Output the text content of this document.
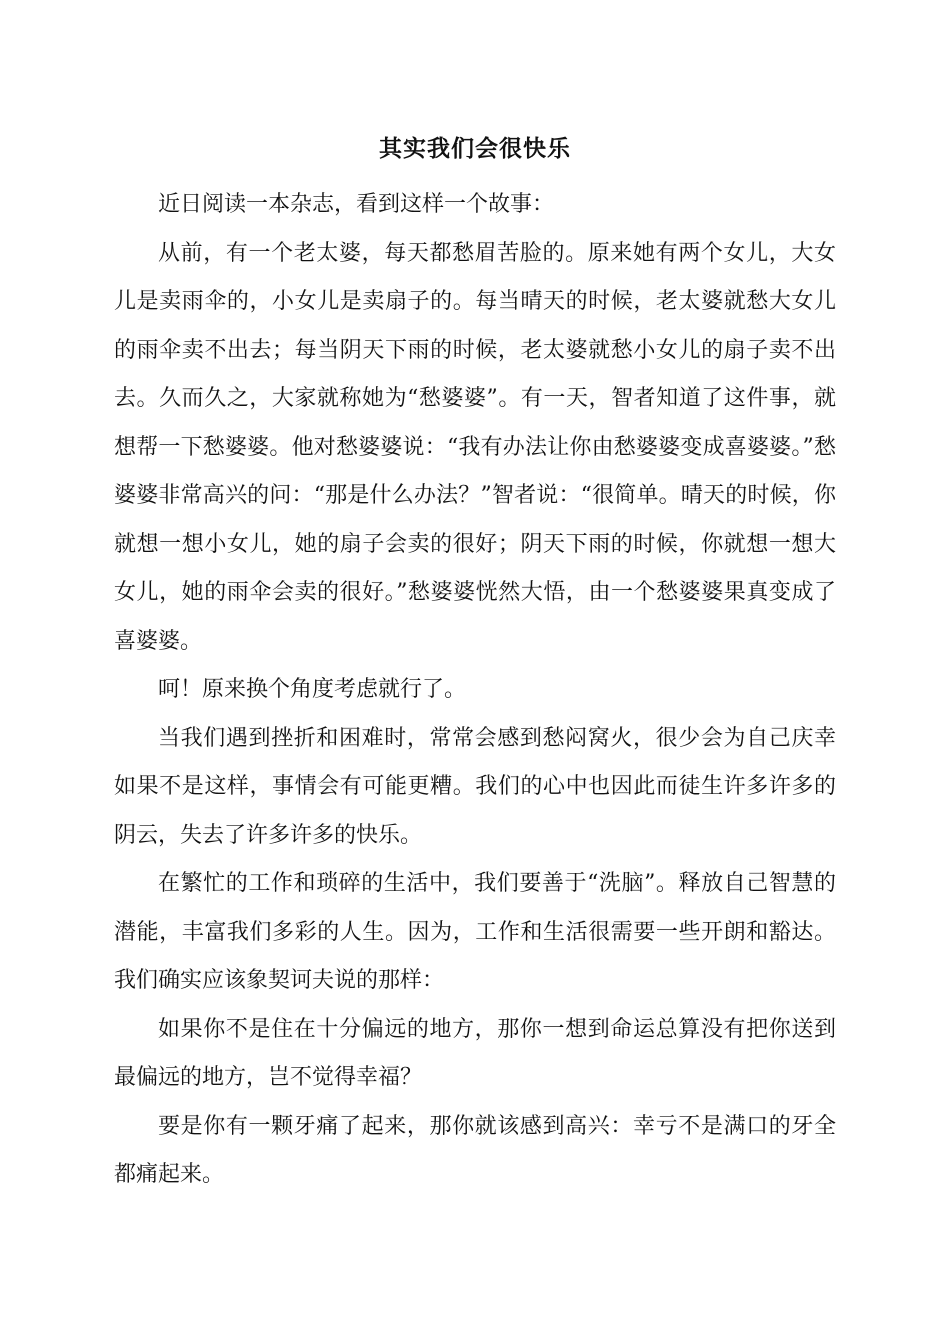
其实我们会很快乐

近日阅读一本杂志，看到这样一个故事：

从前，有一个老太婆，每天都愁眉苦脸的。原来她有两个女儿，大女儿是卖雨伞的，小女儿是卖扇子的。每当晴天的时候，老太婆就愁大女儿的雨伞卖不出去；每当阴天下雨的时候，老太婆就愁小女儿的扇子卖不出去。久而久之，大家就称她为“愁婆婆”。有一天，智者知道了这件事，就想帮一下愁婆婆。他对愁婆婆说：“我有办法让你由愁婆婆变成喜婆婆。”愁婆婆非常高兴的问：“那是什么办法？”智者说：“很简单。晴天的时候，你就想一想小女儿，她的扇子会卖的很好；阴天下雨的时候，你就想一想大女儿，她的雨伞会卖的很好。”愁婆婆恍然大悟，由一个愁婆婆果真变成了喜婆婆。

呵！原来换个角度考虑就行了。

当我们遇到挫折和困难时，常常会感到愁闷窝火，很少会为自己庆幸如果不是这样，事情会有可能更糟。我们的心中也因此而徒生许多许多的阴云，失去了许多许多的快乐。

在繁忙的工作和琐碎的生活中，我们要善于“洗脑”。释放自己智慧的潜能，丰富我们多彩的人生。因为，工作和生活很需要一些开朗和豁达。我们确实应该象契诃夫说的那样：

如果你不是住在十分偏远的地方，那你一想到命运总算没有把你送到最偏远的地方，岂不觉得幸福？

要是你有一颗牙痛了起来，那你就该感到高兴：幸亏不是满口的牙全都痛起来。
